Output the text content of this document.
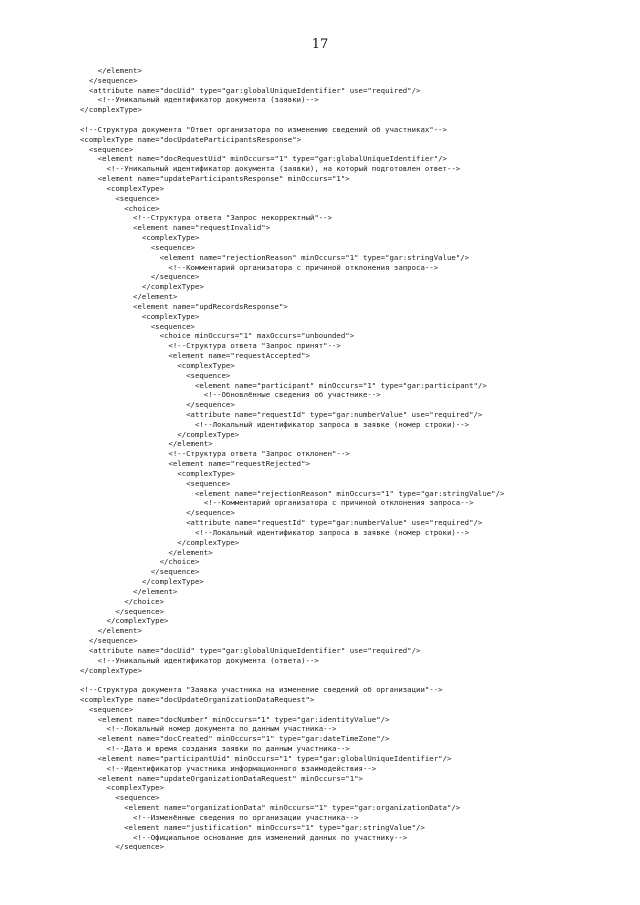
17
</element>
</sequence>
<attribute name="docUid" type="gar:globalUniqueIdentifier" use="required"/>
<!--Уникальный идентификатор документа (заявки)-->
</complexType>
<!--Структура документа "Ответ организатора по изменению сведений об участниках"-->
<complexType name="docUpdateParticipantsResponse">
<sequence>
<element name="docRequestUid" minOccurs="1" type="gar:globalUniqueIdentifier"/>
<!--Уникальный идентификатор документа (заявки), на который подготовлен ответ-->
<element name="updateParticipantsResponse" minOccurs="1">
<complexType>
<sequence>
<choice>
<!--Структура ответа "Запрос некорректный"-->
<element name="requestInvalid">
<complexType>
<sequence>
<element name="rejectionReason" minOccurs="1" type="gar:stringValue"/>
<!--Комментарий организатора с причиной отклонения запроса-->
</sequence>
</complexType>
</element>
<element name="updRecordsResponse">
<complexType>
<sequence>
<choice minOccurs="1" maxOccurs="unbounded">
<!--Структура ответа "Запрос принят"-->
<element name="requestAccepted">
<complexType>
<sequence>
<element name="participant" minOccurs="1" type="gar:participant"/>
<!--Обновлённые сведения об участнике-->
</sequence>
<attribute name="requestId" type="gar:numberValue" use="required"/>
<!--Локальный идентификатор запроса в заявке (номер строки)-->
</complexType>
</element>
<!--Структура ответа "Запрос отклонен"-->
<element name="requestRejected">
<complexType>
<sequence>
<element name="rejectionReason" minOccurs="1" type="gar:stringValue"/>
<!--Комментарий организатора с причиной отклонения запроса-->
</sequence>
<attribute name="requestId" type="gar:numberValue" use="required"/>
<!--Локальный идентификатор запроса в заявке (номер строки)-->
</complexType>
</element>
</choice>
</sequence>
</complexType>
</element>
</choice>
</sequence>
</complexType>
</element>
</sequence>
<attribute name="docUid" type="gar:globalUniqueIdentifier" use="required"/>
<!--Уникальный идентификатор документа (ответа)-->
</complexType>
<!--Структура документа "Заявка участника на изменение сведений об организации"-->
<complexType name="docUpdateOrganizationDataRequest">
<sequence>
<element name="docNumber" minOccurs="1" type="gar:identityValue"/>
<!--Локальный номер документа по данным участника-->
<element name="docCreated" minOccurs="1" type="gar:dateTimeZone"/>
<!--Дата и время создания заявки по данным участника-->
<element name="participantUid" minOccurs="1" type="gar:globalUniqueIdentifier"/>
<!--Идентификатор участника информационного взаимодействия-->
<element name="updateOrganizationDataRequest" minOccurs="1">
<complexType>
<sequence>
<element name="organizationData" minOccurs="1" type="gar:organizationData"/>
<!--Изменённые сведения по организации участника-->
<element name="justification" minOccurs="1" type="gar:stringValue"/>
<!--Официальное основание для изменений данных по участнику-->
</sequence>
